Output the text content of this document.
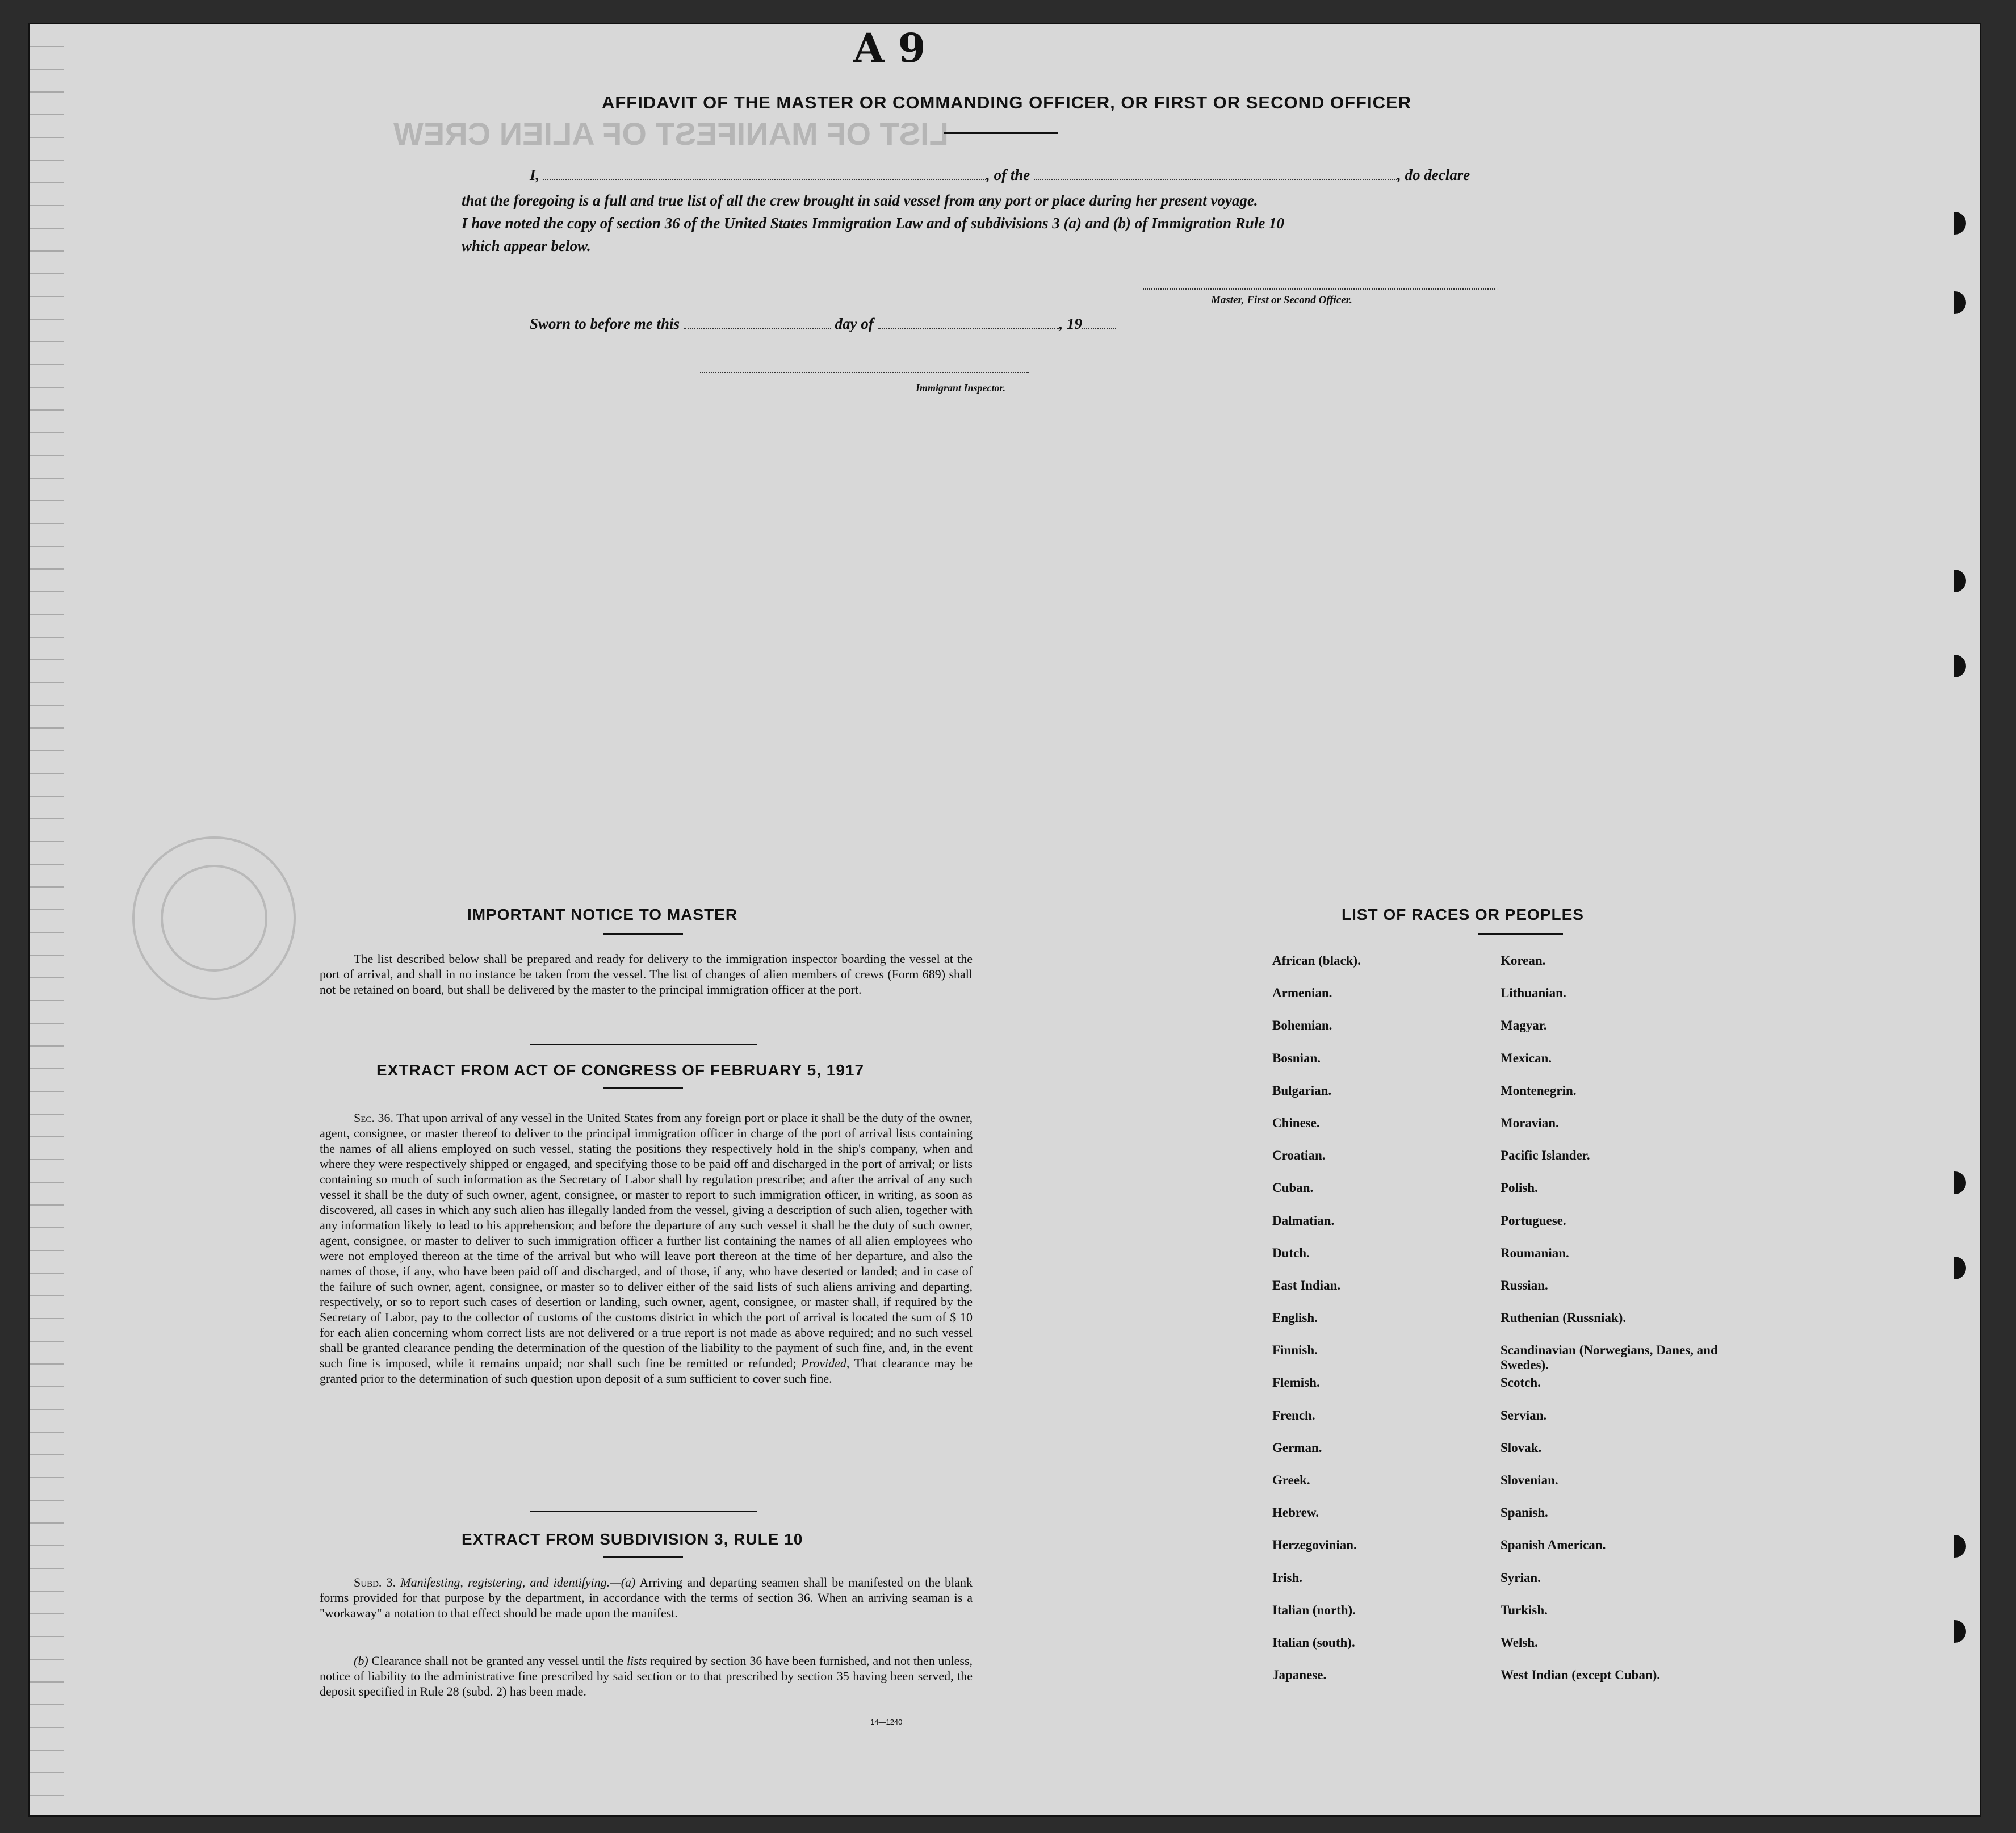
LIST OF MANIFEST OF ALIEN CREW
A 9
AFFIDAVIT OF THE MASTER OR COMMANDING OFFICER, OR FIRST OR SECOND OFFICER
I,	, of the	, do declare
that the foregoing is a full and true list of all the crew brought in said vessel from any port or place during her present voyage.
I have noted the copy of section 36 of the United States Immigration Law and of subdivisions 3 (a) and (b) of Immigration Rule 10
which appear below.
Master, First or Second Officer.
Sworn to before me this	day of	, 19
Immigrant Inspector.
IMPORTANT NOTICE TO MASTER
The list described below shall be prepared and ready for delivery to the immigration inspector boarding the vessel at the port of arrival, and shall in no instance be taken from the vessel. The list of changes of alien members of crews (Form 689) shall not be retained on board, but shall be delivered by the master to the principal immigration officer at the port.
EXTRACT FROM ACT OF CONGRESS OF FEBRUARY 5, 1917
Sec. 36. That upon arrival of any vessel in the United States from any foreign port or place it shall be the duty of the owner, agent, consignee, or master thereof to deliver to the principal immigration officer in charge of the port of arrival lists containing the names of all aliens employed on such vessel, stating the positions they respectively hold in the ship's company, when and where they were respectively shipped or engaged, and specifying those to be paid off and discharged in the port of arrival; or lists containing so much of such information as the Secretary of Labor shall by regulation prescribe; and after the arrival of any such vessel it shall be the duty of such owner, agent, consignee, or master to report to such immigration officer, in writing, as soon as discovered, all cases in which any such alien has illegally landed from the vessel, giving a description of such alien, together with any information likely to lead to his apprehension; and before the departure of any such vessel it shall be the duty of such owner, agent, consignee, or master to deliver to such immigration officer a further list containing the names of all alien employees who were not employed thereon at the time of the arrival but who will leave port thereon at the time of her departure, and also the names of those, if any, who have been paid off and discharged, and of those, if any, who have deserted or landed; and in case of the failure of such owner, agent, consignee, or master so to deliver either of the said lists of such aliens arriving and departing, respectively, or so to report such cases of desertion or landing, such owner, agent, consignee, or master shall, if required by the Secretary of Labor, pay to the collector of customs of the customs district in which the port of arrival is located the sum of $ 10 for each alien concerning whom correct lists are not delivered or a true report is not made as above required; and no such vessel shall be granted clearance pending the determination of the question of the liability to the payment of such fine, and, in the event such fine is imposed, while it remains unpaid; nor shall such fine be remitted or refunded; Provided, That clearance may be granted prior to the determination of such question upon deposit of a sum sufficient to cover such fine.
EXTRACT FROM SUBDIVISION 3, RULE 10
Subd. 3. Manifesting, registering, and identifying.—(a) Arriving and departing seamen shall be manifested on the blank forms provided for that purpose by the department, in accordance with the terms of section 36. When an arriving seaman is a "workaway" a notation to that effect should be made upon the manifest.
(b) Clearance shall not be granted any vessel until the lists required by section 36 have been furnished, and not then unless, notice of liability to the administrative fine prescribed by said section or to that prescribed by section 35 having been served, the deposit specified in Rule 28 (subd. 2) has been made.
14—1240
LIST OF RACES OR PEOPLES
African (black).
Armenian.
Bohemian.
Bosnian.
Bulgarian.
Chinese.
Croatian.
Cuban.
Dalmatian.
Dutch.
East Indian.
English.
Finnish.
Flemish.
French.
German.
Greek.
Hebrew.
Herzegovinian.
Irish.
Italian (north).
Italian (south).
Japanese.
Korean.
Lithuanian.
Magyar.
Mexican.
Montenegrin.
Moravian.
Pacific Islander.
Polish.
Portuguese.
Roumanian.
Russian.
Ruthenian (Russniak).
Scandinavian (Norwegians, Danes, and Swedes).
Scotch.
Servian.
Slovak.
Slovenian.
Spanish.
Spanish American.
Syrian.
Turkish.
Welsh.
West Indian (except Cuban).
